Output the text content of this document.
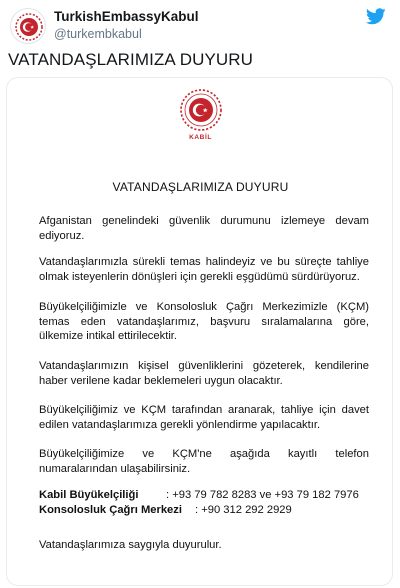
TurkishEmbassyKabul
@turkembkabul
VATANDAŞLARIMIZA DUYURU
KABİL
VATANDAŞLARIMIZA DUYURU
Afganistan genelindeki güvenlik durumunu izlemeye devam ediyoruz.
Vatandaşlarımızla sürekli temas halindeyiz ve bu süreçte tahliye olmak isteyenlerin dönüşleri için gerekli eşgüdümü sürdürüyoruz.
Büyükelçiliğimizle ve Konsolosluk Çağrı Merkezimizle (KÇM) temas eden vatandaşlarımız, başvuru sıralamalarına göre, ülkemize intikal ettirilecektir.
Vatandaşlarımızın kişisel güvenliklerini gözeterek, kendilerine haber verilene kadar beklemeleri uygun olacaktır.
Büyükelçiliğimiz ve KÇM tarafından aranarak, tahliye için davet edilen vatandaşlarımıza gerekli yönlendirme yapılacaktır.
Büyükelçiliğimize ve KÇM'ne aşağıda kayıtlı telefon numaralarından ulaşabilirsiniz.
Kabil Büyükelçiliği : +93 79 782 8283 ve +93 79 182 7976
Konsolosluk Çağrı Merkezi : +90 312 292 2929
Vatandaşlarımıza saygıyla duyurulur.
